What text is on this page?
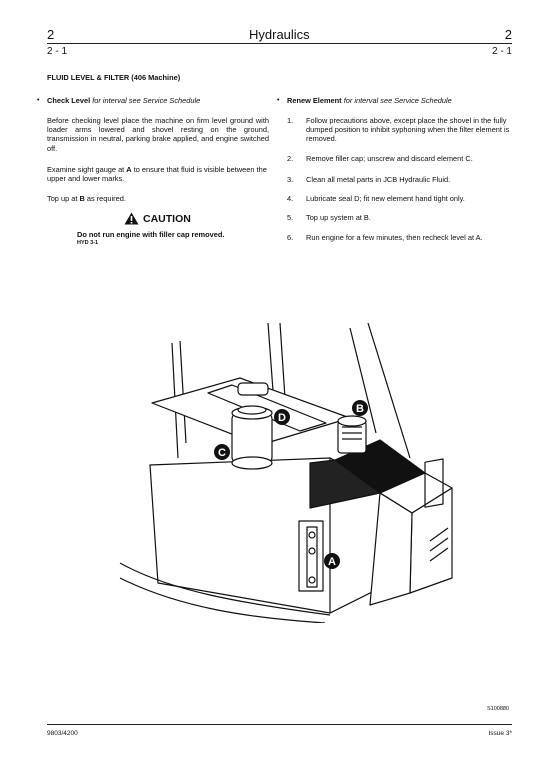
2	Hydraulics	2
2 - 1	2 - 1
FLUID LEVEL & FILTER (406 Machine)
• Check Level for interval see Service Schedule
Before checking level place the machine on firm level ground with loader arms lowered and shovel resting on the ground, transmission in neutral, parking brake applied, and engine switched off.
Examine sight gauge at A to ensure that fluid is visible between the upper and lower marks.
Top up at B as required.
CAUTION
Do not run engine with filler cap removed.
HYD 3-1
• Renew Element for interval see Service Schedule
1. Follow precautions above, except place the shovel in the fully dumped position to inhibit syphoning when the filter element is removed.
2. Remove filler cap; unscrew and discard element C.
3. Clean all metal parts in JCB Hydraulic Fluid.
4. Lubricate seal D; fit new element hand tight only.
5. Top up system at B.
6. Run engine for a few minutes, then recheck level at A.
C
D
B
A
S100880
9803/4200	Issue 3*
